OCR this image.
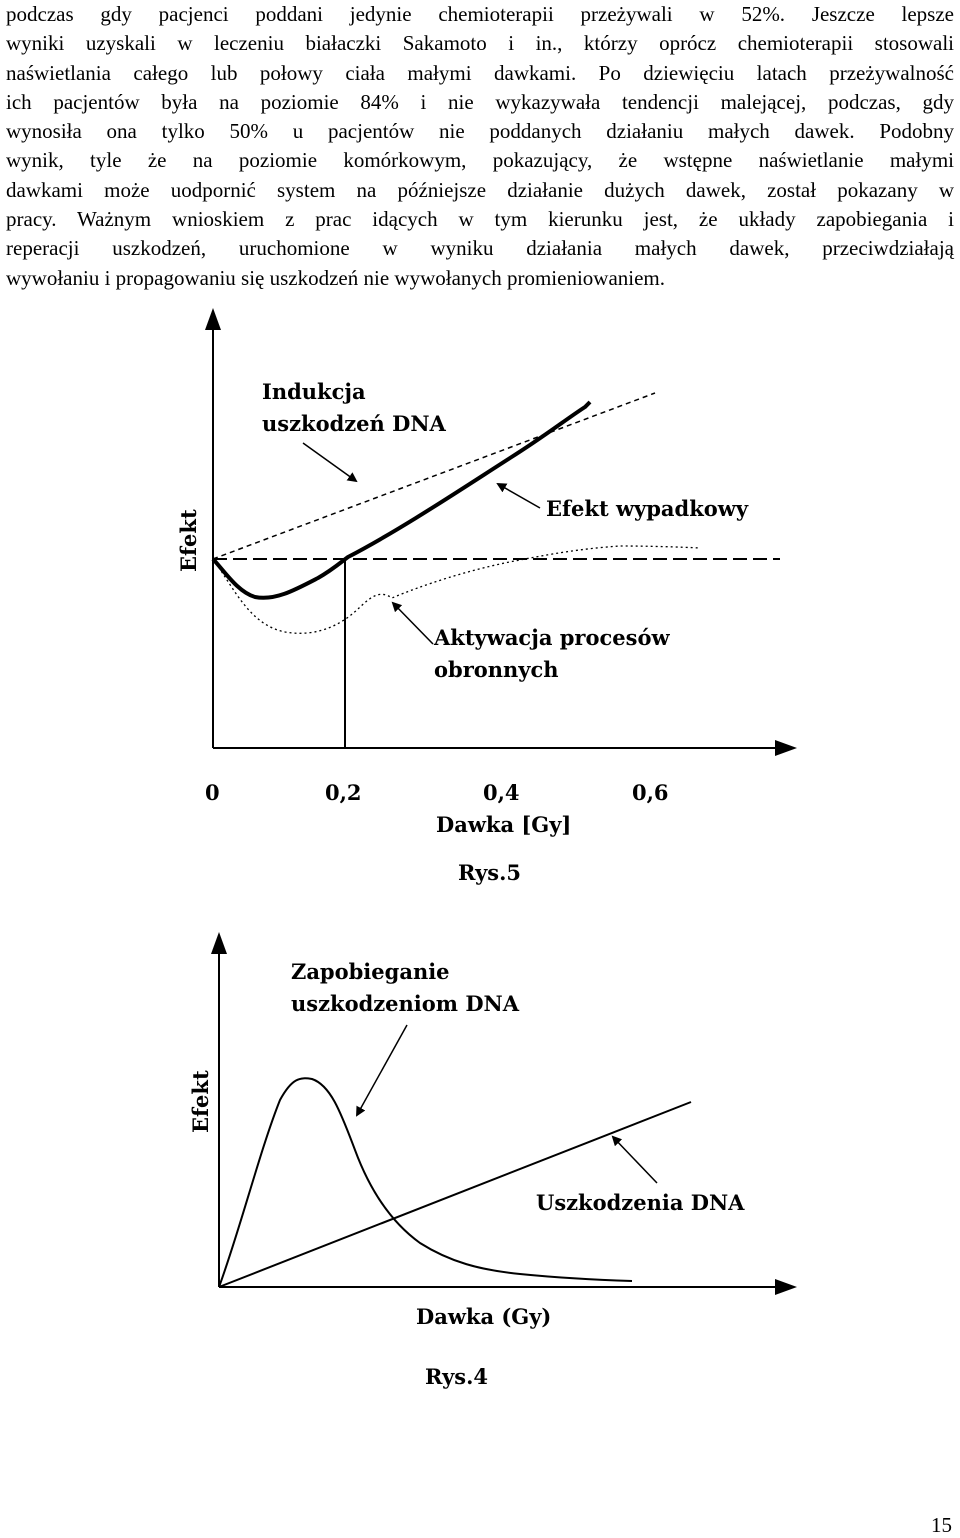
podczas gdy pacjenci poddani jedynie chemioterapii przeżywali w 52%. Jeszcze lepsze
wyniki uzyskali w leczeniu białaczki Sakamoto i in., którzy oprócz chemioterapii stosowali
naświetlania całego lub połowy ciała małymi dawkami. Po dziewięciu latach przeżywalność
ich pacjentów była na poziomie 84% i nie wykazywała tendencji malejącej, podczas, gdy
wynosiła ona tylko 50% u pacjentów nie poddanych działaniu małych dawek. Podobny
wynik, tyle że na poziomie komórkowym, pokazujący, że wstępne naświetlanie małymi
dawkami może uodpornić system na późniejsze działanie dużych dawek, został pokazany w
pracy. Ważnym wnioskiem z prac idących w tym kierunku jest, że układy zapobiegania i
reperacji uszkodzeń, uruchomione w wyniku działania małych dawek, przeciwdziałają
wywołaniu i propagowaniu się uszkodzeń nie wywołanych promieniowaniem.
Indukcja
uszkodzeń DNA
Efekt wypadkowy
Aktywacja procesów
obronnych
Efekt
0	0,2	0,4	0,6
Dawka [Gy]
Rys.5
Zapobieganie
uszkodzeniom DNA
Uszkodzenia DNA
Efekt
Dawka (Gy)
Rys.4
15
